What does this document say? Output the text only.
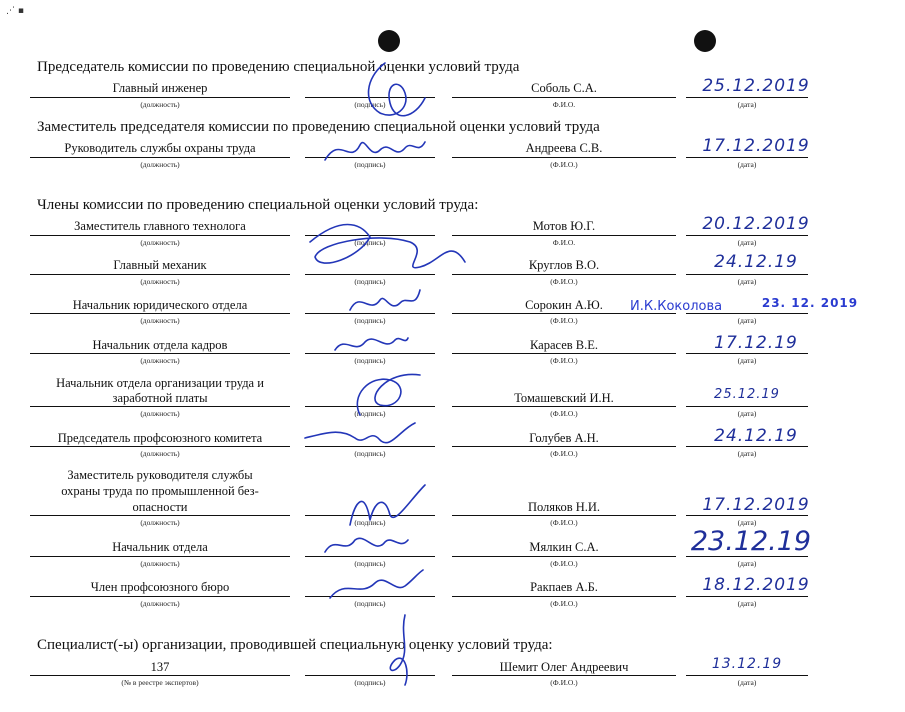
⋰ ▪
Председатель комиссии по проведению специальной оценки условий труда
Главный инженер	Соболь С.А.	25.12.2019
(должность)	(подпись)	Ф.И.О.	(дата)
Заместитель председателя комиссии по проведению специальной оценки условий труда
Руководитель службы охраны труда	Андреева С.В.	17.12.2019
(должность)	(подпись)	(Ф.И.О.)	(дата)
Члены комиссии по проведению специальной оценки условий труда:
Заместитель главного технолога	Мотов Ю.Г.	20.12.2019
(должность)	(подпись)	Ф.И.О.	(дата)
Главный механик	Круглов В.О.	24.12.19
(должность)	(подпись)	(Ф.И.О.)	(дата)
Начальник юридического отдела	Сорокин А.Ю.	И.К.Коколова	23. 12. 2019
(должность)	(подпись)	(Ф.И.О.)	(дата)
Начальник отдела кадров	Карасев В.Е.	17.12.19
(должность)	(подпись)	(Ф.И.О.)	(дата)
Начальник отдела организации труда и
заработной платы	Томашевский И.Н.	25.12.19
(должность)	(подпись)	(Ф.И.О.)	(дата)
Председатель профсоюзного комитета	Голубев А.Н.	24.12.19
(должность)	(подпись)	(Ф.И.О.)	(дата)
Заместитель руководителя службы
охраны труда по промышленной без-
опасности	Поляков Н.И.	17.12.2019
(должность)	(подпись)	(Ф.И.О.)	(дата)
Начальник отдела	Мялкин С.А.	23.12.19
(должность)	(подпись)	(Ф.И.О.)	(дата)
Член профсоюзного бюро	Ракпаев А.Б.	18.12.2019
(должность)	(подпись)	(Ф.И.О.)	(дата)
Специалист(-ы) организации, проводившей специальную оценку условий труда:
137	Шемит Олег Андреевич	13.12.19
(№ в реестре экспертов)	(подпись)	(Ф.И.О.)	(дата)
